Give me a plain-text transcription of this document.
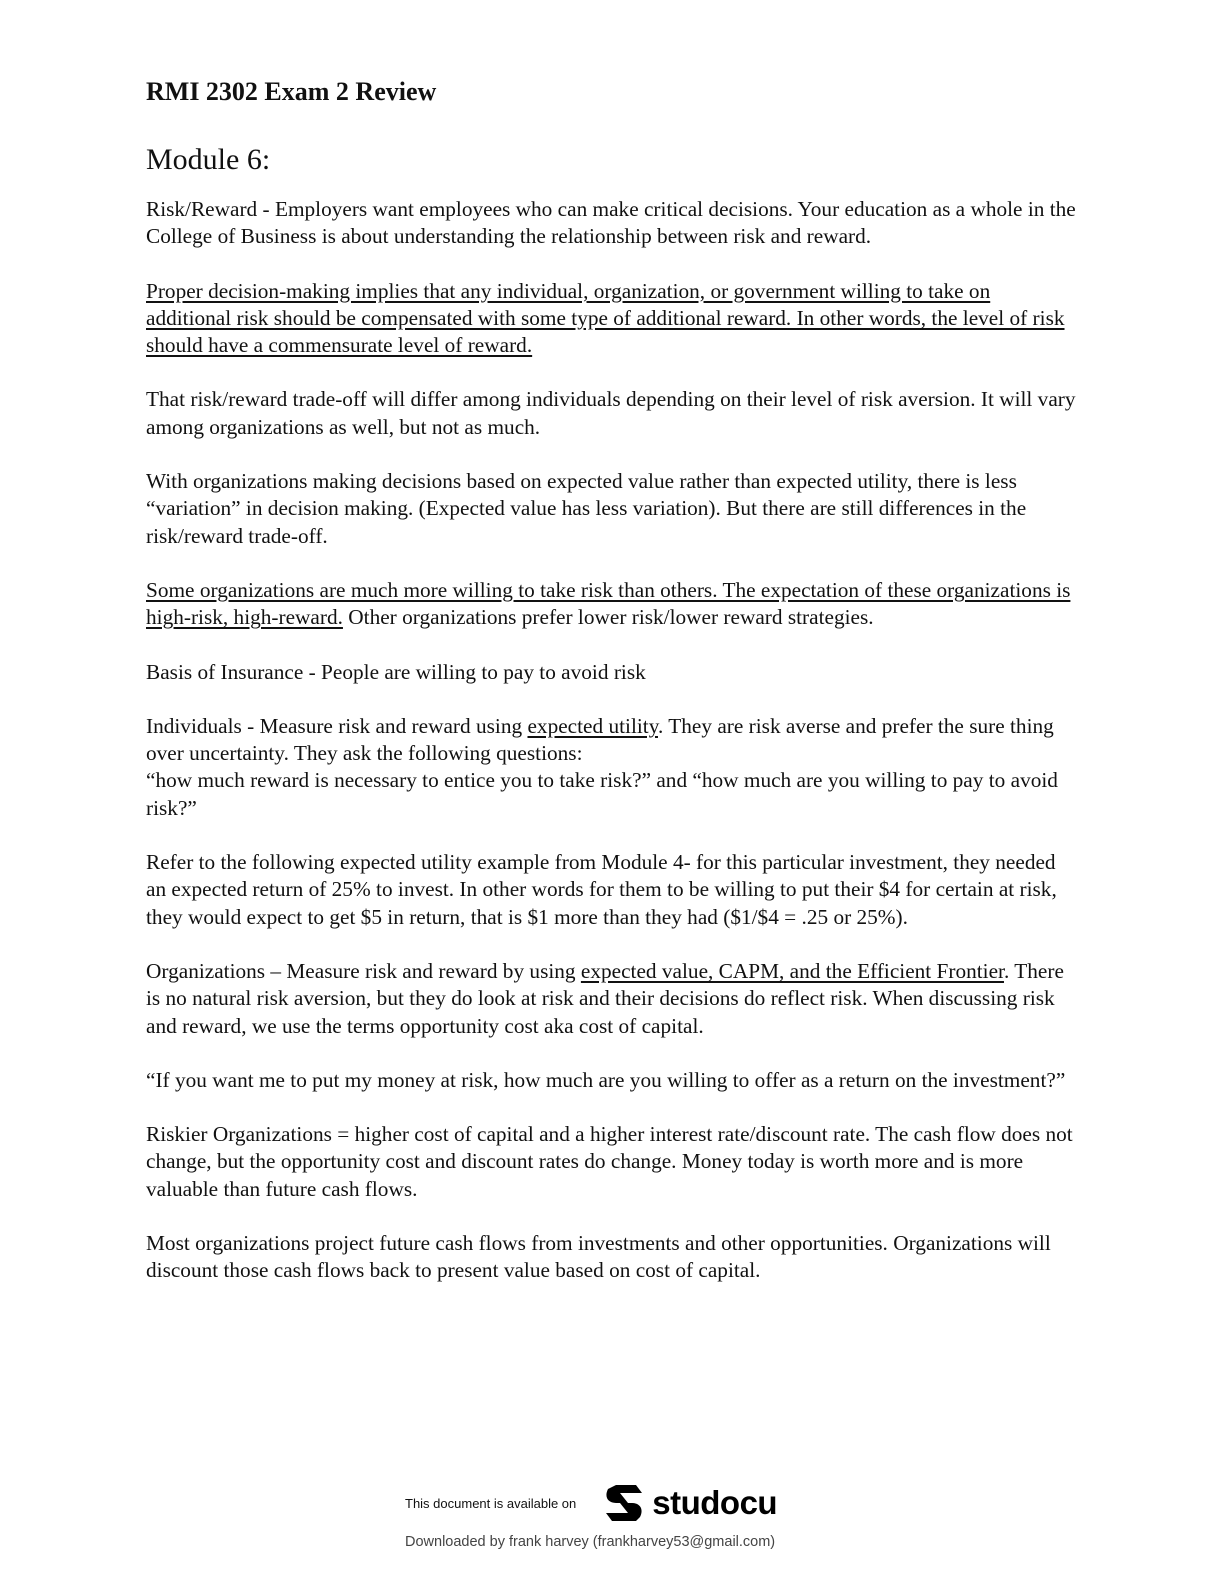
RMI 2302 Exam 2 Review
Module 6:

Risk/Reward - Employers want employees who can make critical decisions. Your education as a whole in the College of Business is about understanding the relationship between risk and reward.

Proper decision-making implies that any individual, organization, or government willing to take on additional risk should be compensated with some type of additional reward. In other words, the level of risk should have a commensurate level of reward.

That risk/reward trade-off will differ among individuals depending on their level of risk aversion. It will vary among organizations as well, but not as much.

With organizations making decisions based on expected value rather than expected utility, there is less “variation” in decision making. (Expected value has less variation). But there are still differences in the risk/reward trade-off.

Some organizations are much more willing to take risk than others. The expectation of these organizations is high-risk, high-reward. Other organizations prefer lower risk/lower reward strategies.

Basis of Insurance - People are willing to pay to avoid risk

Individuals - Measure risk and reward using expected utility. They are risk averse and prefer the sure thing over uncertainty. They ask the following questions:
“how much reward is necessary to entice you to take risk?” and “how much are you willing to pay to avoid risk?”

Refer to the following expected utility example from Module 4- for this particular investment, they needed an expected return of 25% to invest. In other words for them to be willing to put their $4 for certain at risk, they would expect to get $5 in return, that is $1 more than they had ($1/$4 = .25 or 25%).

Organizations – Measure risk and reward by using expected value, CAPM, and the Efficient Frontier. There is no natural risk aversion, but they do look at risk and their decisions do reflect risk. When discussing risk and reward, we use the terms opportunity cost aka cost of capital.

“If you want me to put my money at risk, how much are you willing to offer as a return on the investment?”

Riskier Organizations = higher cost of capital and a higher interest rate/discount rate. The cash flow does not change, but the opportunity cost and discount rates do change. Money today is worth more and is more valuable than future cash flows.

Most organizations project future cash flows from investments and other opportunities. Organizations will discount those cash flows back to present value based on cost of capital.

This document is available on studocu
Downloaded by frank harvey (frankharvey53@gmail.com)
